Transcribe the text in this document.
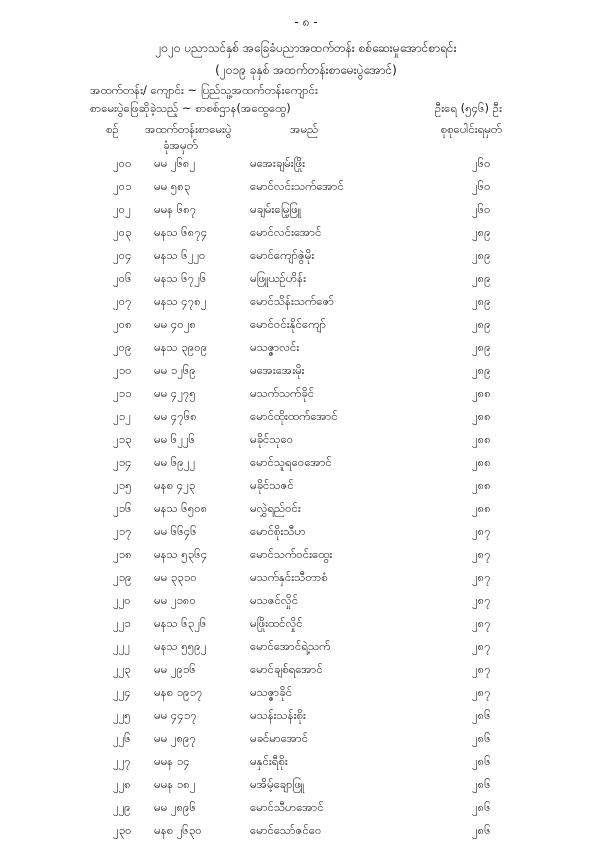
- ၈ -
၂၀၂၀ ပညာသင်နှစ် အခြေခံပညာအထက်တန်း စစ်ဆေးမှုအောင်စာရင်း
(၂၀၁၉ ခုနှစ် အထက်တန်းစာမေးပွဲအောင်)
အထက်တန်း/ ကျောင်း ~ ပြည်သူ့အထက်တန်းကျောင်း
စာမေးပွဲဖြေဆိုခဲ့သည့် ~ စာစစ်ဌာန(အထွေထွေ)	ဦးရေ (၅၄၆) ဦး
စဉ် အထက်တန်းစာမေးပွဲ
ခုံအမှတ်
အမည်	စုစုပေါင်းရမှတ်
၂၀၀ မမ ၂၆၈၂	မအေးချမ်းဖြိုး	၂၆၀
၂၀၁ မမ ၅၈၃	မောင်လင်းသက်အောင်	၂၆၀
၂၀၂ မမန ၆၈၇	မချမ်းမြေ့ဖြူ	၂၆၀
၂၀၃ မနသ ၆၈၇၄	မောင်လင်းအောင်	၂၈၉
၂၀၄ မနသ ၆၂၂၀	မောင်ကျော်ဇွဲမိုး	၂၈၉
၂၀၆ မနသ ၆၇၂၆	မဖြူယဉ်ဟိန်း	၂၈၉
၂၀၇ မနသ ၄၇၈၂	မောင်သိန်းသက်ဇော်	၂၈၉
၂၀၈ မမ ၄၀၂၈	မောင်ဝင်းနိုင်ကျော်	၂၈၉
၂၀၉ မနသ ၃၉၀၉	မသဇ္ဇာလင်း	၂၈၉
၂၁၀ မမ ၁၂၆၉	မအေးအေးမိုး	၂၈၉
၂၁၁ မမ ၄၂၇၅	မသက်သက်ခိုင်	၂၈၈
၂၁၂ မမ ၄၇၆၈	မောင်ထိုးထက်အောင်	၂၈၈
၂၁၃ မမ ၆၂၂၆	မခိုင်သုဝေ	၂၈၈
၂၁၄ မမ ၆၉၂၂	မောင်သူရဝေအောင်	၂၈၈
၂၁၅ မနစ ၄၂၃	မခိုင်သဇင်	၂၈၈
၂၁၆ မနသ ၆၅၀၈	မလွှဲရည်ဝင်း	၂၈၈
၂၁၇ မမ ၆၆၄၆	မောင်စိုးသီဟ	၂၈၇
၂၁၈ မနသ ၅၃၆၄	မောင်သက်ဝင်းထွေး	၂၈၇
၂၁၉ မမ ၃၃၁၀	မသက်နှင်းသီတာစံ	၂၈၇
၂၂၀ မမ ၂၁၈၀	မသဇင်လှိုင်	၂၈၇
၂၂၁ မနသ ၆၃၂၆	မဖြိုးထင်လှိုင်	၂၈၇
၂၂၂ မနသ ၅၅၉၂	မောင်အောင်ရဲ့သက်	၂၈၇
၂၂၃ မမ ၂၉၁၆	မောင်ချစ်ရအောင်	၂၈၇
၂၂၄ မနစ ၁၉၁၇	မသဇ္ဇာခိုင်	၂၈၇
၂၂၅ မမ ၄၄၁၇	မသန်းသန်းစိုး	၂၈၆
၂၂၆ မမ ၂၈၉၇	မခင်မာအောင်	၂၈၆
၂၂၇ မမန ၁၄	မနှင်းရီစိုး	၂၈၆
၂၂၈ မမန ၁၈၂	မအိမ့်ချောဖြူ	၂၈၆
၂၂၉ မမ ၂၈၉၆	မောင်သီဟအောင်	၂၈၆
၂၃၀ မနစ ၂၆၃၀	မောင်သော်ဇင်ဝေ	၂၈၆
